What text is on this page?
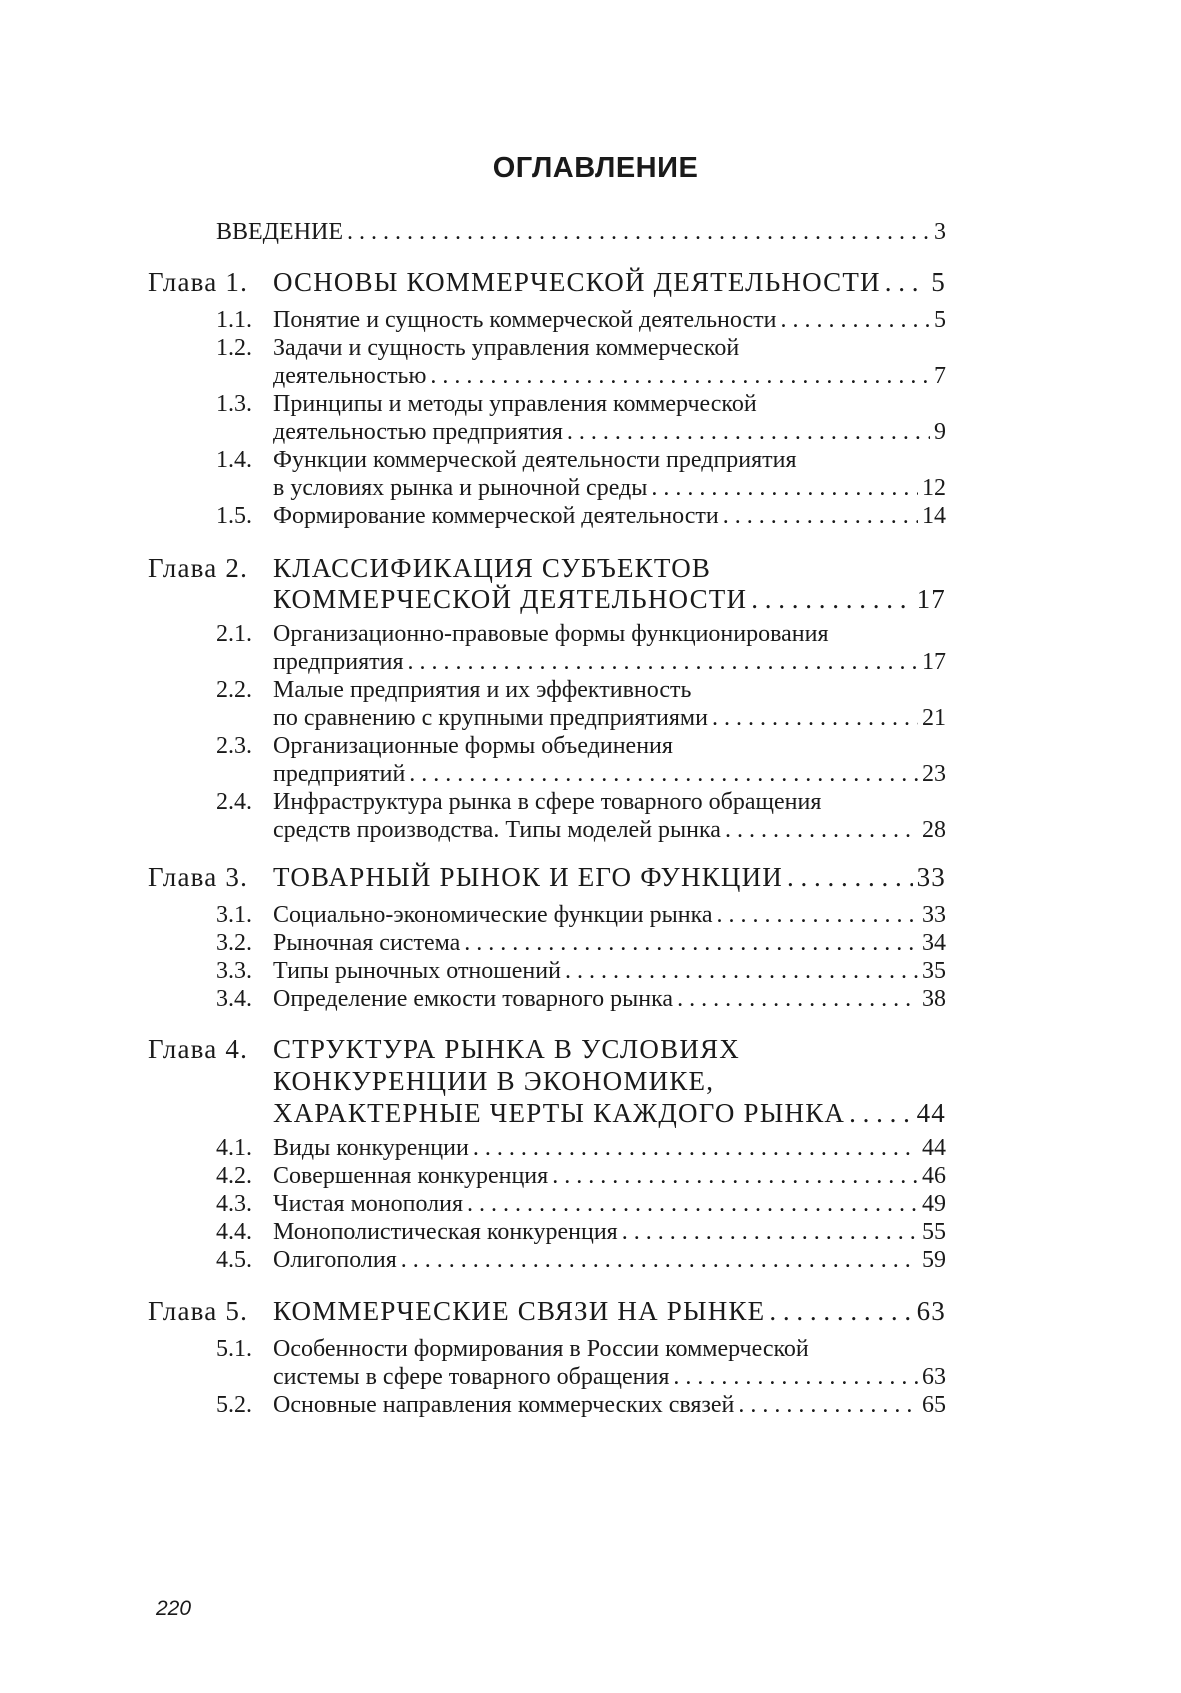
ОГЛАВЛЕНИЕ
ВВЕДЕНИЕ . . .	3
Глава 1. ОСНОВЫ КОММЕРЧЕСКОЙ ДЕЯТЕЛЬНОСТИ . . . 5
1.1. Понятие и сущность коммерческой деятельности . . .	5
1.2. Задачи и сущность управления коммерческой
деятельностью . . .	7
1.3. Принципы и методы управления коммерческой
деятельностью предприятия . . .	9
1.4. Функции коммерческой деятельности предприятия
в условиях рынка и рыночной среды . . .	12
1.5. Формирование коммерческой деятельности . . .	14
Глава 2. КЛАССИФИКАЦИЯ СУБЪЕКТОВ
КОММЕРЧЕСКОЙ ДЕЯТЕЛЬНОСТИ . . .	17
2.1. Организационно-правовые формы функционирования
предприятия . . .	17
2.2. Малые предприятия и их эффективность
по сравнению с крупными предприятиями . . .	21
2.3. Организационные формы объединения
предприятий . . .	23
2.4. Инфраструктура рынка в сфере товарного обращения
средств производства. Типы моделей рынка . . .	28
Глава 3. ТОВАРНЫЙ РЫНОК И ЕГО ФУНКЦИИ . . .	33
3.1. Социально-экономические функции рынка . . .	33
3.2. Рыночная система . . .	34
3.3. Типы рыночных отношений . . .	35
3.4. Определение емкости товарного рынка . . .	38
Глава 4. СТРУКТУРА РЫНКА В УСЛОВИЯХ
КОНКУРЕНЦИИ В ЭКОНОМИКЕ,
ХАРАКТЕРНЫЕ ЧЕРТЫ КАЖДОГО РЫНКА . . .	44
4.1. Виды конкуренции . . .	44
4.2. Совершенная конкуренция . . .	46
4.3. Чистая монополия . . .	49
4.4. Монополистическая конкуренция . . .	55
4.5. Олигополия . . .	59
Глава 5. КОММЕРЧЕСКИЕ СВЯЗИ НА РЫНКЕ . . .	63
5.1. Особенности формирования в России коммерческой
системы в сфере товарного обращения . . .	63
5.2. Основные направления коммерческих связей . . .	65
220
